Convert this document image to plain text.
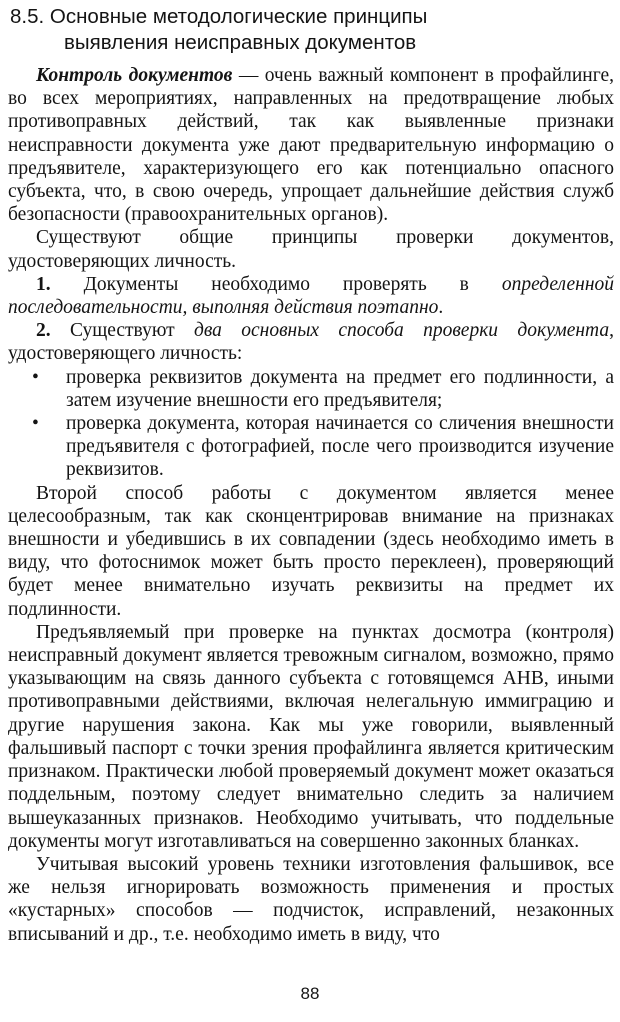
8.5. Основные методологические принципы
выявления неисправных документов

Контроль документов — очень важный компонент в профайлинге, во всех мероприятиях, направленных на предотвращение любых противоправных действий, так как выявленные признаки неисправности документа уже дают предварительную информацию о предъявителе, характеризующего его как потенциально опасного субъекта, что, в свою очередь, упрощает дальнейшие действия служб безопасности (правоохранительных органов).

Существуют общие принципы проверки документов, удостоверяющих личность.

1. Документы необходимо проверять в определенной последовательности, выполняя действия поэтапно.

2. Существуют два основных способа проверки документа, удостоверяющего личность:

• проверка реквизитов документа на предмет его подлинности, а затем изучение внешности его предъявителя;
• проверка документа, которая начинается со сличения внешности предъявителя с фотографией, после чего производится изучение реквизитов.

Второй способ работы с документом является менее целесообразным, так как сконцентрировав внимание на признаках внешности и убедившись в их совпадении (здесь необходимо иметь в виду, что фотоснимок может быть просто переклеен), проверяющий будет менее внимательно изучать реквизиты на предмет их подлинности.

Предъявляемый при проверке на пунктах досмотра (контроля) неисправный документ является тревожным сигналом, возможно, прямо указывающим на связь данного субъекта с готовящемся АНВ, иными противоправными действиями, включая нелегальную иммиграцию и другие нарушения закона. Как мы уже говорили, выявленный фальшивый паспорт с точки зрения профайлинга является критическим признаком. Практически любой проверяемый документ может оказаться поддельным, поэтому следует внимательно следить за наличием вышеуказанных признаков. Необходимо учитывать, что поддельные документы могут изготавливаться на совершенно законных бланках.

Учитывая высокий уровень техники изготовления фальшивок, все же нельзя игнорировать возможность применения и простых «кустарных» способов — подчисток, исправлений, незаконных вписываний и др., т.е. необходимо иметь в виду, что

88
